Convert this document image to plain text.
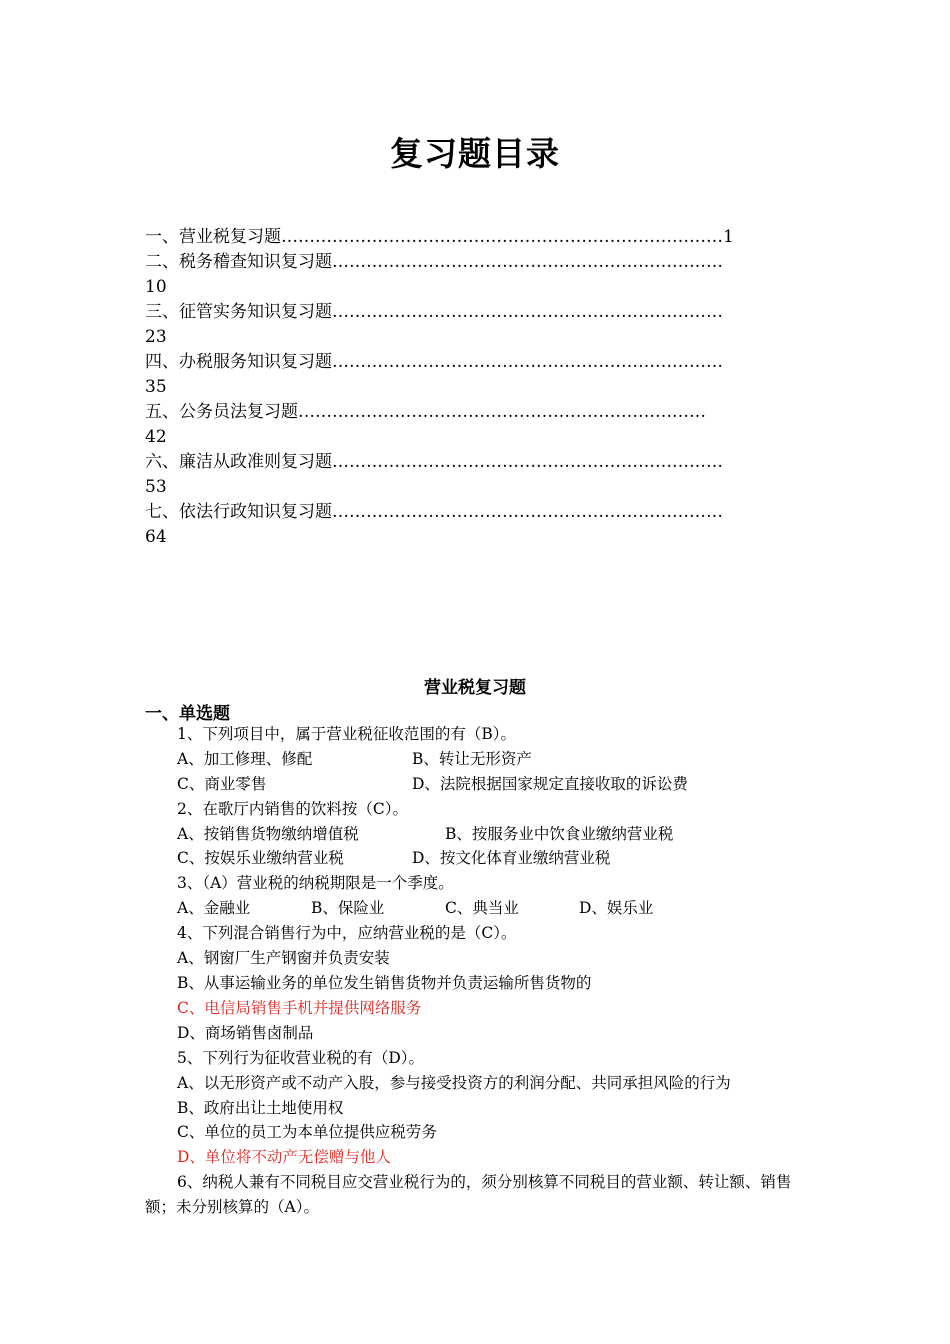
复习题目录
一、营业税复习题……………………………………………………………………1
二、税务稽查知识复习题……………………………………………………………
10
三、征管实务知识复习题……………………………………………………………
23
四、办税服务知识复习题……………………………………………………………
35
五、公务员法复习题………………………………………………………………
42
六、廉洁从政准则复习题……………………………………………………………
53
七、依法行政知识复习题……………………………………………………………
64
营业税复习题
一、单选题
1、下列项目中，属于营业税征收范围的有（B）。
A、加工修理、修配	B、转让无形资产
C、商业零售	D、法院根据国家规定直接收取的诉讼费
2、在歌厅内销售的饮料按（C）。
A、按销售货物缴纳增值税	B、按服务业中饮食业缴纳营业税
C、按娱乐业缴纳营业税	D、按文化体育业缴纳营业税
3、（A）营业税的纳税期限是一个季度。
A、金融业	B、保险业	C、典当业	D、娱乐业
4、下列混合销售行为中，应纳营业税的是（C）。
A、钢窗厂生产钢窗并负责安装
B、从事运输业务的单位发生销售货物并负责运输所售货物的
C、电信局销售手机并提供网络服务
D、商场销售卤制品
5、下列行为征收营业税的有（D）。
A、以无形资产或不动产入股，参与接受投资方的利润分配、共同承担风险的行为
B、政府出让土地使用权
C、单位的员工为本单位提供应税劳务
D、单位将不动产无偿赠与他人
6、纳税人兼有不同税目应交营业税行为的，须分别核算不同税目的营业额、转让额、销售额；未分别核算的（A）。
